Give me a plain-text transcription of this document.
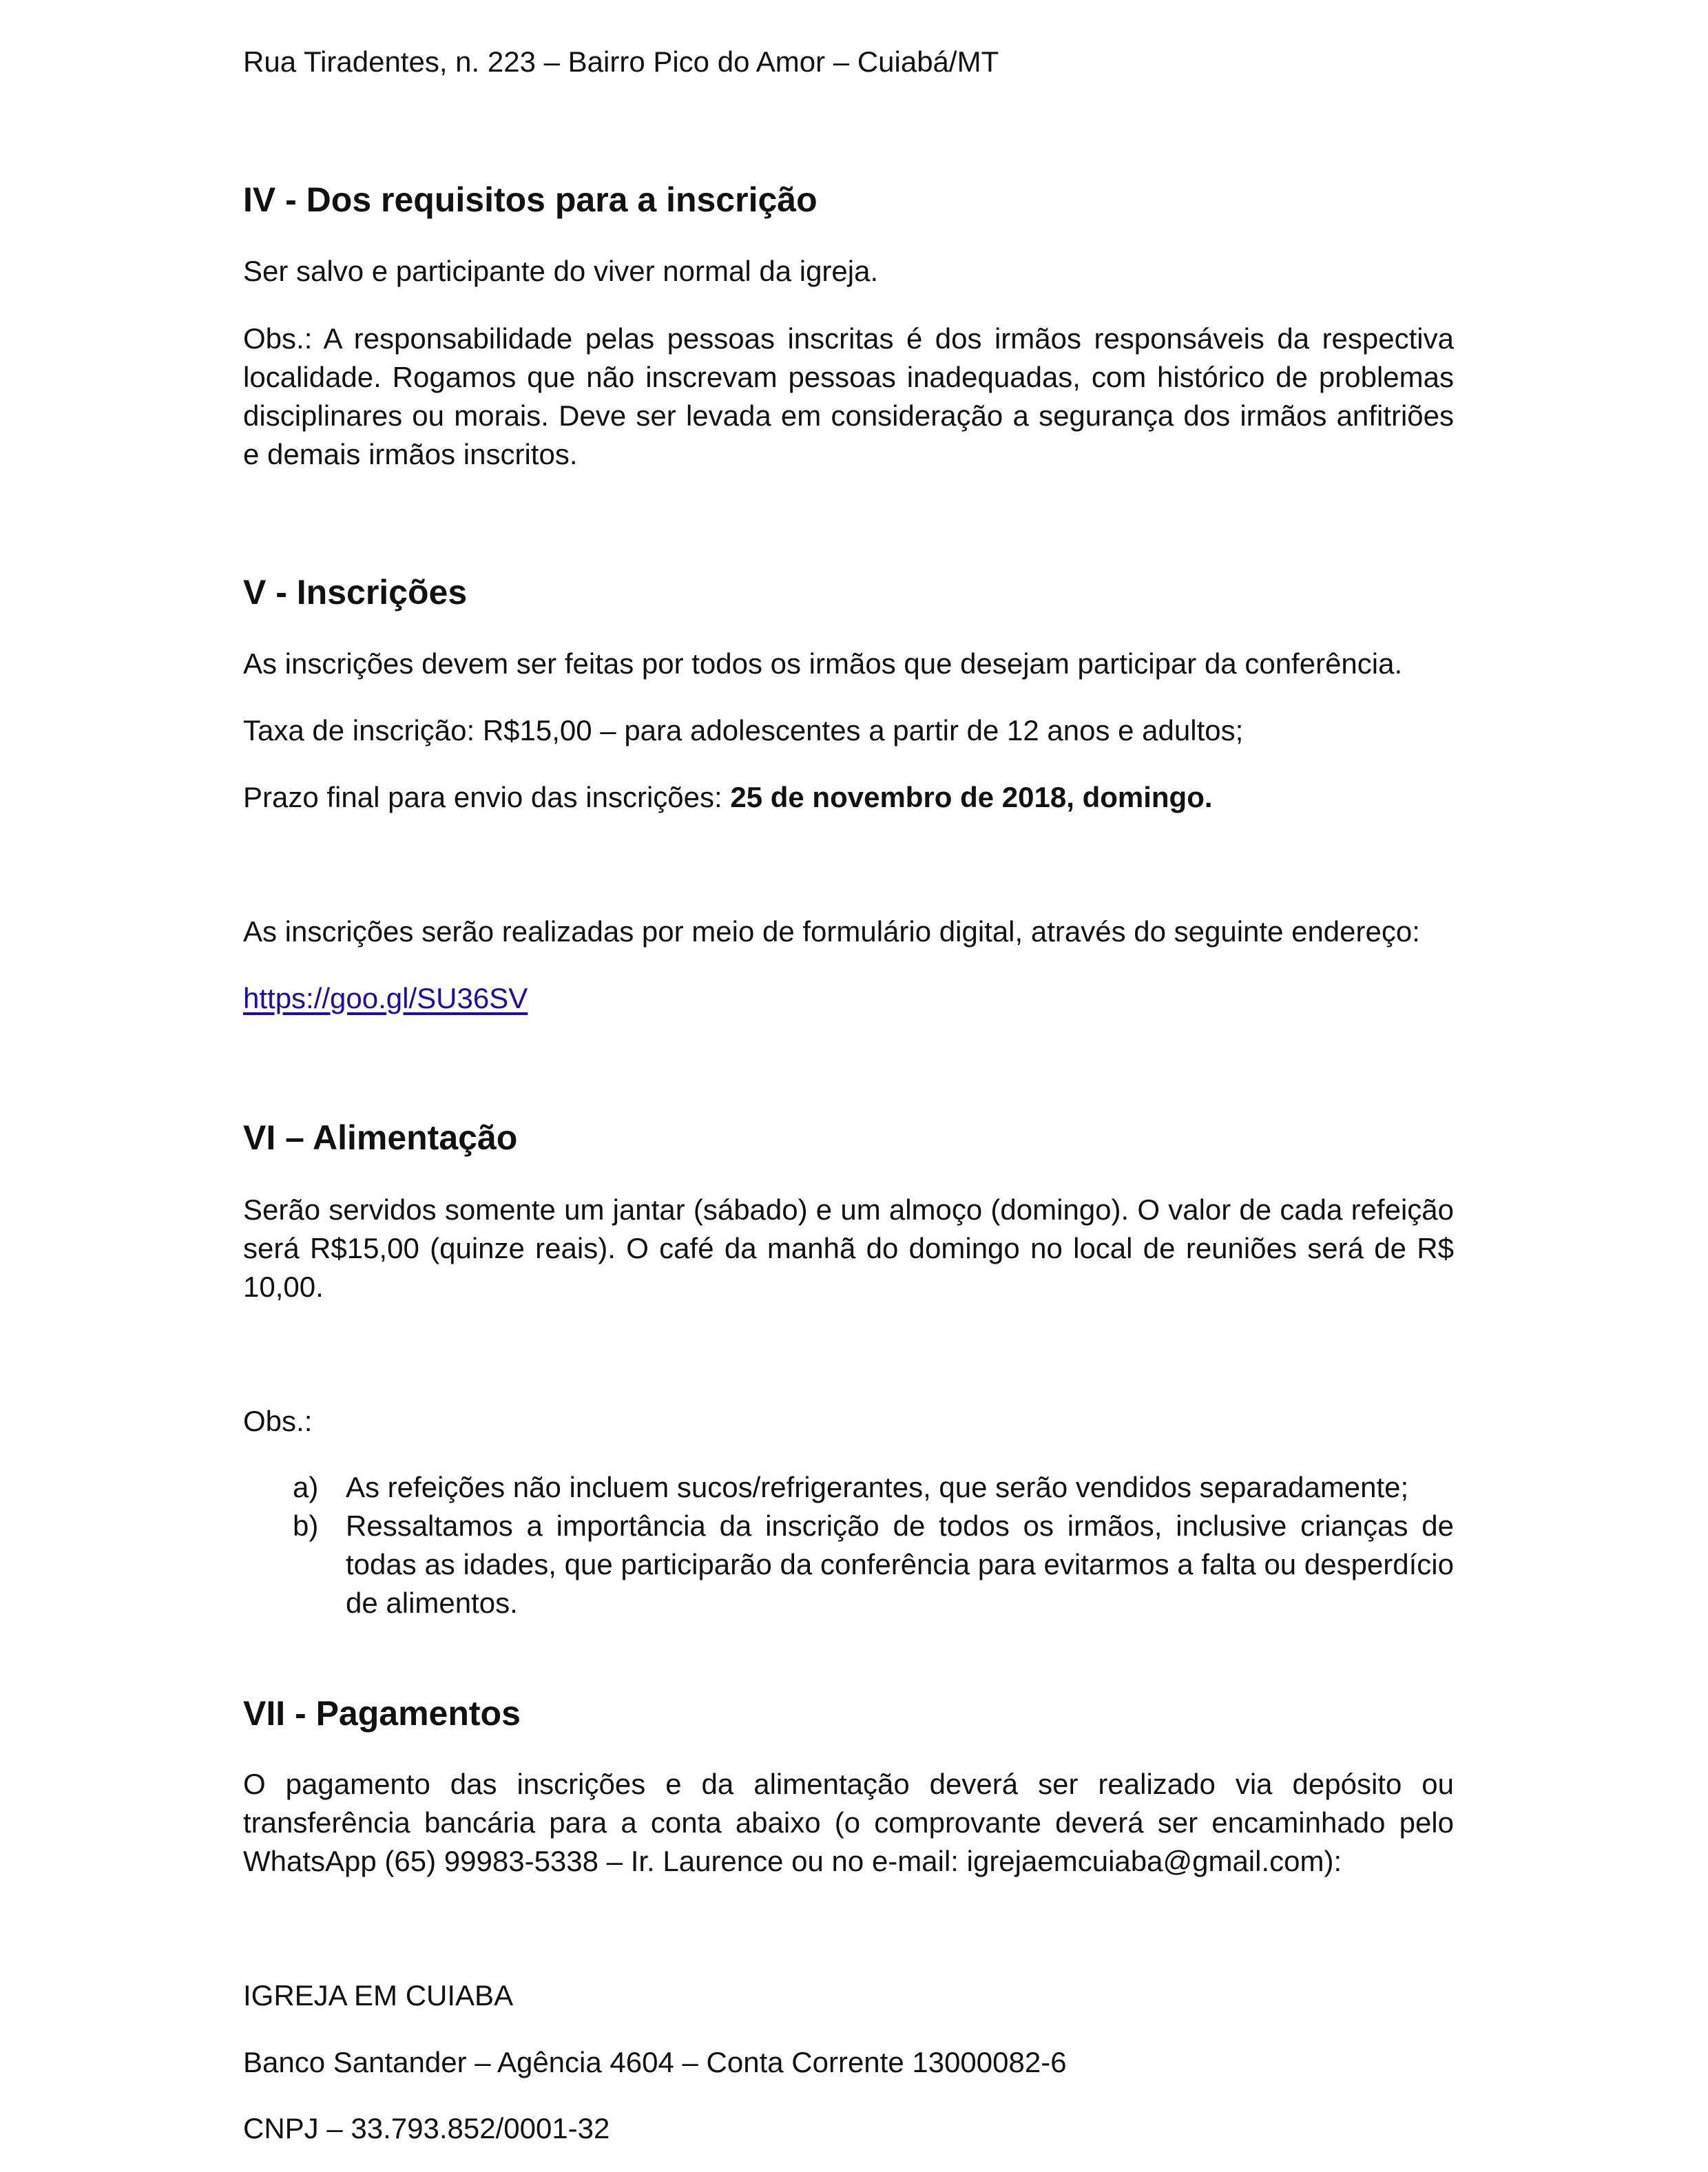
Rua Tiradentes, n. 223 – Bairro Pico do Amor – Cuiabá/MT

IV - Dos requisitos para a inscrição

Ser salvo e participante do viver normal da igreja.

Obs.: A responsabilidade pelas pessoas inscritas é dos irmãos responsáveis da respectiva localidade. Rogamos que não inscrevam pessoas inadequadas, com histórico de problemas disciplinares ou morais. Deve ser levada em consideração a segurança dos irmãos anfitriões e demais irmãos inscritos.

V - Inscrições

As inscrições devem ser feitas por todos os irmãos que desejam participar da conferência.

Taxa de inscrição: R$15,00 – para adolescentes a partir de 12 anos e adultos;

Prazo final para envio das inscrições: 25 de novembro de 2018, domingo.

As inscrições serão realizadas por meio de formulário digital, através do seguinte endereço:

https://goo.gl/SU36SV

VI – Alimentação

Serão servidos somente um jantar (sábado) e um almoço (domingo). O valor de cada refeição será R$15,00 (quinze reais). O café da manhã do domingo no local de reuniões será de R$ 10,00.

Obs.:

a) As refeições não incluem sucos/refrigerantes, que serão vendidos separadamente;
b) Ressaltamos a importância da inscrição de todos os irmãos, inclusive crianças de todas as idades, que participarão da conferência para evitarmos a falta ou desperdício de alimentos.
VII - Pagamentos

O pagamento das inscrições e da alimentação deverá ser realizado via depósito ou transferência bancária para a conta abaixo (o comprovante deverá ser encaminhado pelo WhatsApp (65) 99983-5338 – Ir. Laurence ou no e-mail: igrejaemcuiaba@gmail.com):

IGREJA EM CUIABA

Banco Santander – Agência 4604 – Conta Corrente 13000082-6

CNPJ – 33.793.852/0001-32
